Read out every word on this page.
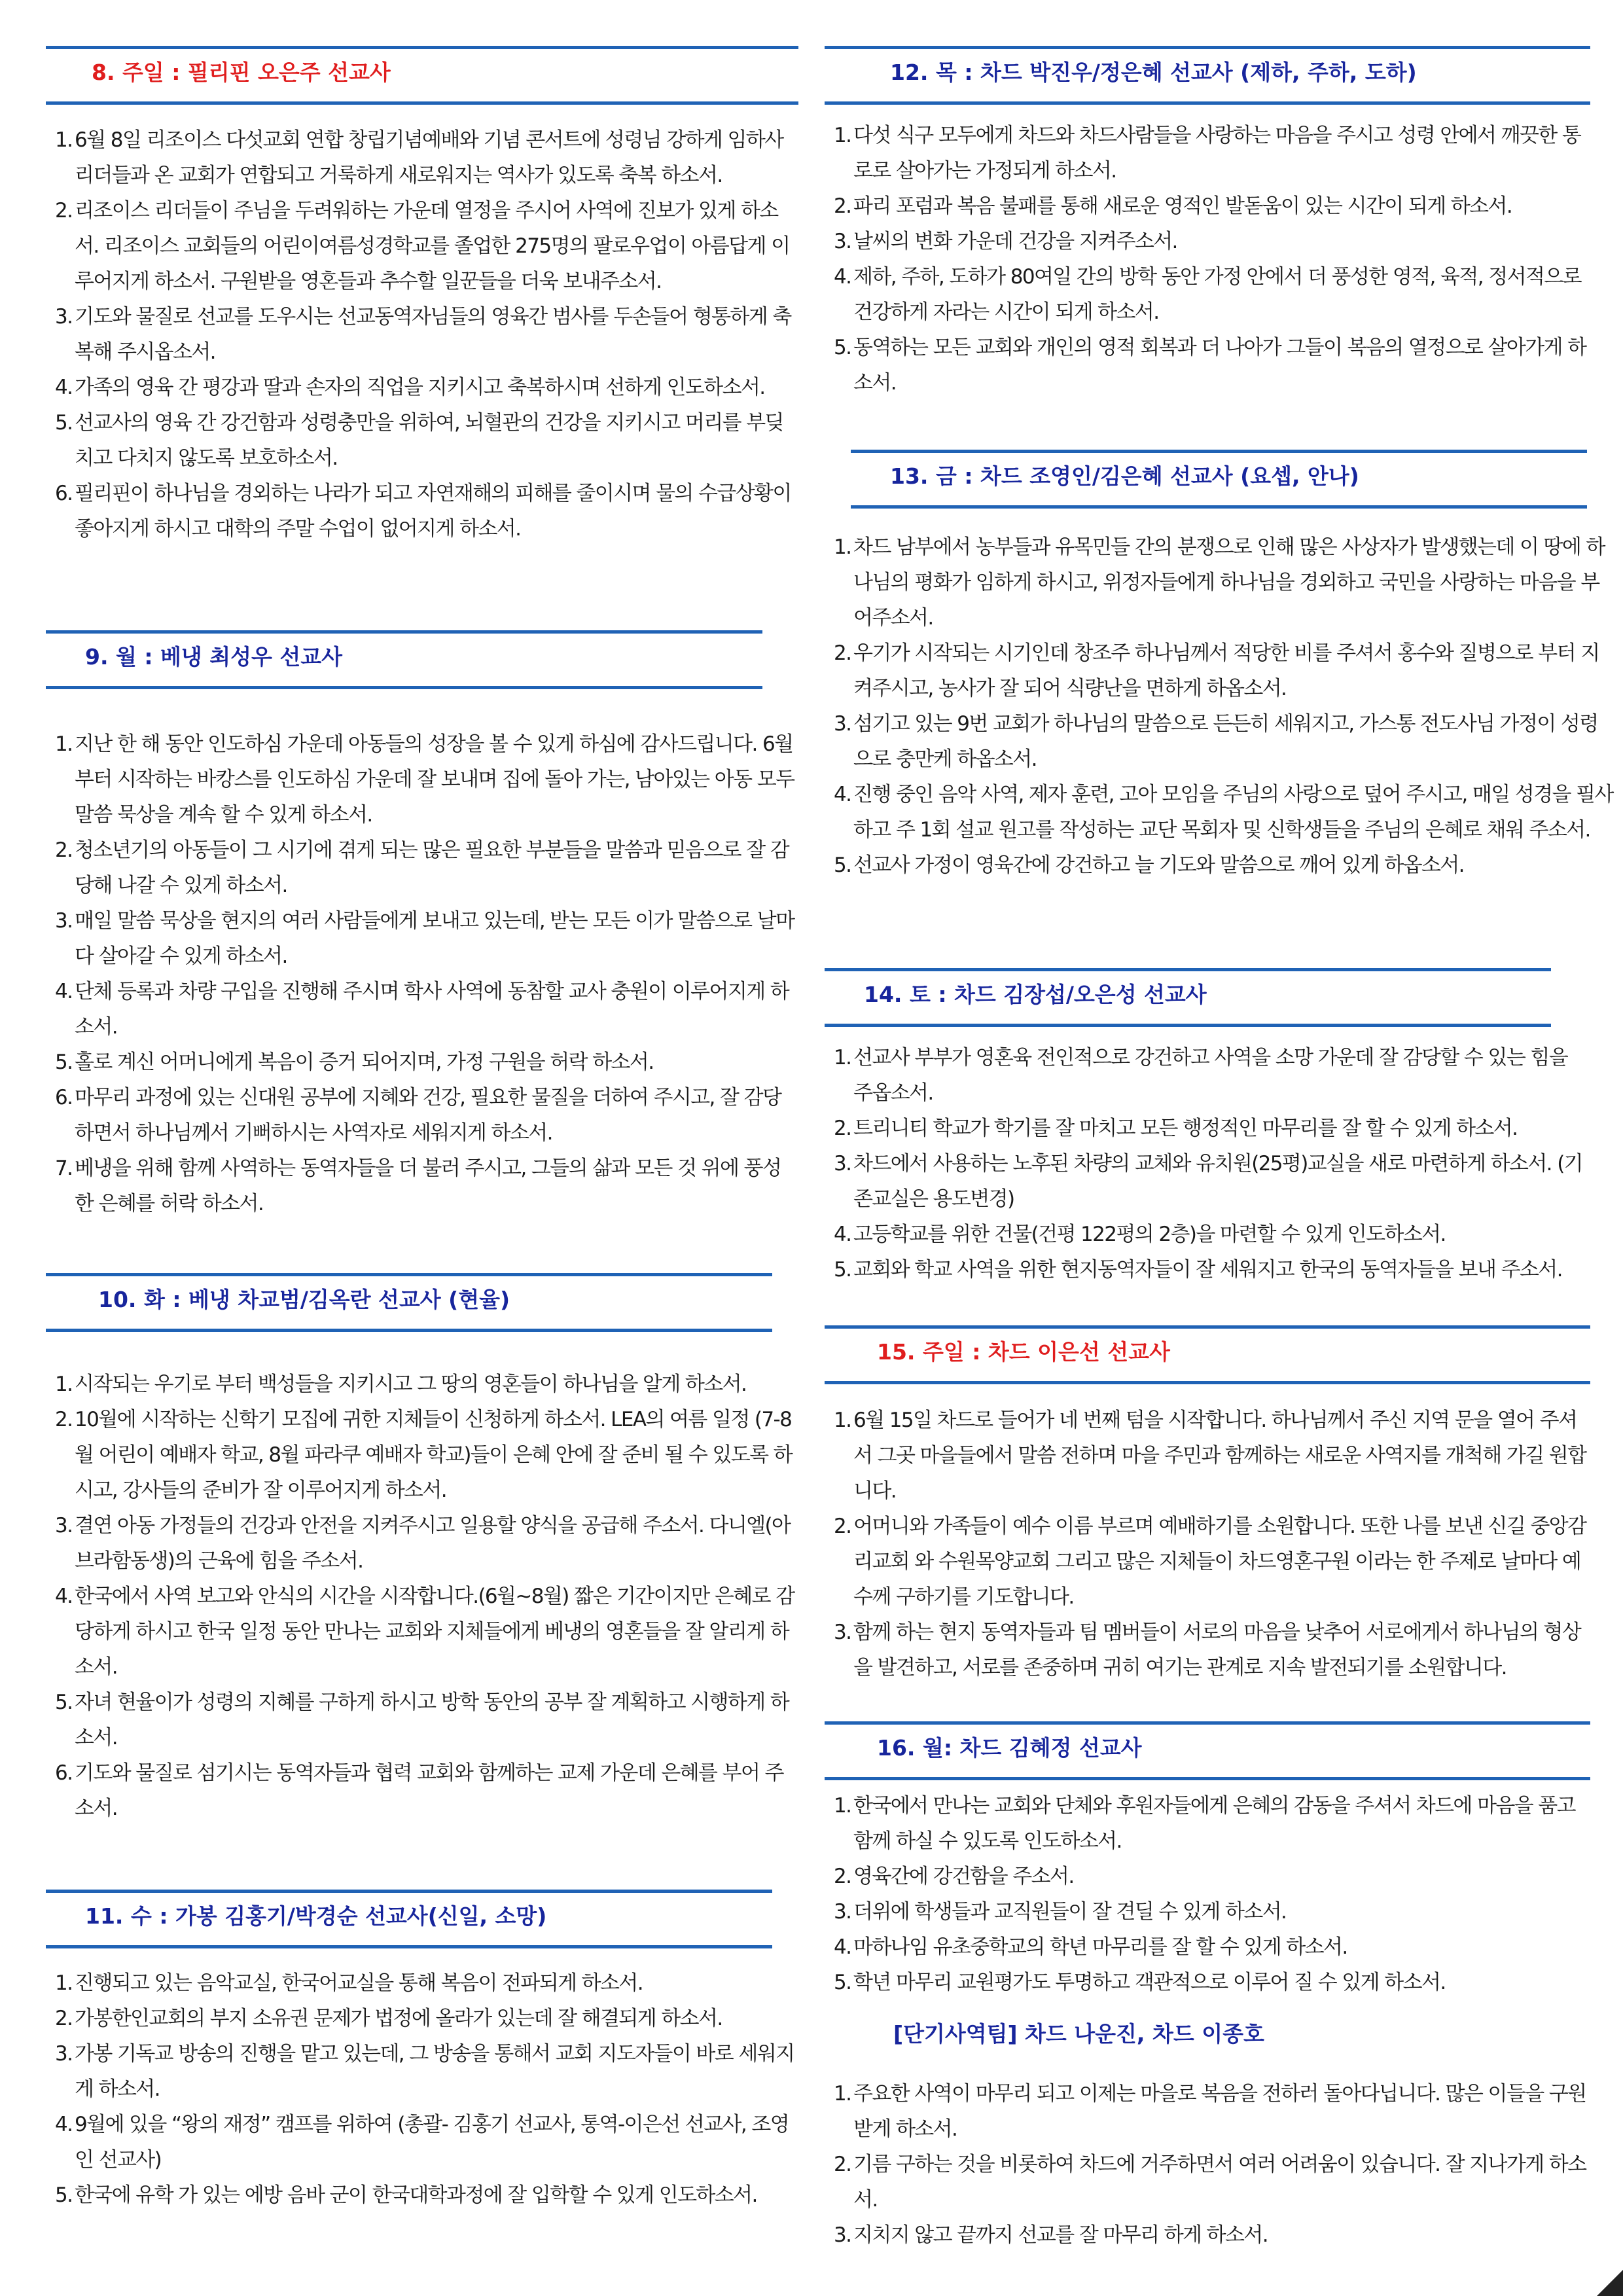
8. 주일 : 필리핀 오은주 선교사
1. 6월 8일 리조이스 다섯교회 연합 창립기념예배와 기념 콘서트에 성령님 강하게 임하사 리더들과 온 교회가 연합되고 거룩하게 새로워지는 역사가 있도록 축복 하소서.
2. 리조이스 리더들이 주님을 두려워하는 가운데 열정을 주시어 사역에 진보가 있게 하소서. 리조이스 교회들의 어린이여름성경학교를 졸업한 275명의 팔로우업이 아름답게 이루어지게 하소서. 구원받을 영혼들과 추수할 일꾼들을 더욱 보내주소서.
3. 기도와 물질로 선교를 도우시는 선교동역자님들의 영육간 범사를 두손들어 형통하게 축복해 주시옵소서.
4. 가족의 영육 간 평강과 딸과 손자의 직업을 지키시고 축복하시며 선하게 인도하소서.
5. 선교사의 영육 간 강건함과 성령충만을 위하여, 뇌혈관의 건강을 지키시고 머리를 부딪치고 다치지 않도록 보호하소서.
6. 필리핀이 하나님을 경외하는 나라가 되고 자연재해의 피해를 줄이시며 물의 수급상황이 좋아지게 하시고 대학의 주말 수업이 없어지게 하소서.
9. 월 : 베냉 최성우 선교사
1. 지난 한 해 동안 인도하심 가운데 아동들의 성장을 볼 수 있게 하심에 감사드립니다. 6월부터 시작하는 바캉스를 인도하심 가운데 잘 보내며 집에 돌아 가는, 남아있는 아동 모두 말씀 묵상을 계속 할 수 있게 하소서.
2. 청소년기의 아동들이 그 시기에 겪게 되는 많은 필요한 부분들을 말씀과 믿음으로 잘 감당해 나갈 수 있게 하소서.
3. 매일 말씀 묵상을 현지의 여러 사람들에게 보내고 있는데, 받는 모든 이가 말씀으로 날마다 살아갈 수 있게 하소서.
4. 단체 등록과 차량 구입을 진행해 주시며 학사 사역에 동참할 교사 충원이 이루어지게 하소서.
5. 홀로 계신 어머니에게 복음이 증거 되어지며, 가정 구원을 허락 하소서.
6. 마무리 과정에 있는 신대원 공부에 지혜와 건강, 필요한 물질을 더하여 주시고, 잘 감당하면서 하나님께서 기뻐하시는 사역자로 세워지게 하소서.
7. 베냉을 위해 함께 사역하는 동역자들을 더 불러 주시고, 그들의 삶과 모든 것 위에 풍성한 은혜를 허락 하소서.
10. 화 : 베냉 차교범/김옥란 선교사 (현율)
1. 시작되는 우기로 부터 백성들을 지키시고 그 땅의 영혼들이 하나님을 알게 하소서.
2. 10월에 시작하는 신학기 모집에 귀한 지체들이 신청하게 하소서. LEA의 여름 일정 (7-8월 어린이 예배자 학교, 8월 파라쿠 예배자 학교)들이 은혜 안에 잘 준비 될 수 있도록 하시고, 강사들의 준비가 잘 이루어지게 하소서.
3. 결연 아동 가정들의 건강과 안전을 지켜주시고 일용할 양식을 공급해 주소서. 다니엘(아브라함동생)의 근육에 힘을 주소서.
4. 한국에서 사역 보고와 안식의 시간을 시작합니다.(6월~8월) 짧은 기간이지만 은혜로 감당하게 하시고 한국 일정 동안 만나는 교회와 지체들에게 베냉의 영혼들을 잘 알리게 하소서.
5. 자녀 현율이가 성령의 지혜를 구하게 하시고 방학 동안의 공부 잘 계획하고 시행하게 하소서.
6. 기도와 물질로 섬기시는 동역자들과 협력 교회와 함께하는 교제 가운데 은혜를 부어 주소서.
11. 수 : 가봉 김홍기/박경순 선교사(신일, 소망)
1. 진행되고 있는 음악교실, 한국어교실을 통해 복음이 전파되게 하소서.
2. 가봉한인교회의 부지 소유권 문제가 법정에 올라가 있는데 잘 해결되게 하소서.
3. 가봉 기독교 방송의 진행을 맡고 있는데, 그 방송을 통해서 교회 지도자들이 바로 세워지게 하소서.
4. 9월에 있을 “왕의 재정” 캠프를 위하여 (총괄- 김홍기 선교사, 통역-이은선 선교사, 조영인 선교사)
5. 한국에 유학 가 있는 에방 음바 군이 한국대학과정에 잘 입학할 수 있게 인도하소서.
12. 목 : 차드 박진우/정은혜 선교사 (제하, 주하, 도하)
1. 다섯 식구 모두에게 차드와 차드사람들을 사랑하는 마음을 주시고 성령 안에서 깨끗한 통로로 살아가는 가정되게 하소서.
2. 파리 포럼과 복음 불패를 통해 새로운 영적인 발돋움이 있는 시간이 되게 하소서.
3. 날씨의 변화 가운데 건강을 지켜주소서.
4. 제하, 주하, 도하가 80여일 간의 방학 동안 가정 안에서 더 풍성한 영적, 육적, 정서적으로 건강하게 자라는 시간이 되게 하소서.
5. 동역하는 모든 교회와 개인의 영적 회복과 더 나아가 그들이 복음의 열정으로 살아가게 하소서.
13. 금 : 차드 조영인/김은혜 선교사 (요셉, 안나)
1. 차드 남부에서 농부들과 유목민들 간의 분쟁으로 인해 많은 사상자가 발생했는데 이 땅에 하나님의 평화가 임하게 하시고, 위정자들에게 하나님을 경외하고 국민을 사랑하는 마음을 부어주소서.
2. 우기가 시작되는 시기인데 창조주 하나님께서 적당한 비를 주셔서 홍수와 질병으로 부터 지켜주시고, 농사가 잘 되어 식량난을 면하게 하옵소서.
3. 섬기고 있는 9번 교회가 하나님의 말씀으로 든든히 세워지고, 가스통 전도사님 가정이 성령으로 충만케 하옵소서.
4. 진행 중인 음악 사역, 제자 훈련, 고아 모임을 주님의 사랑으로 덮어 주시고, 매일 성경을 필사하고 주 1회 설교 원고를 작성하는 교단 목회자 및 신학생들을 주님의 은혜로 채워 주소서.
5. 선교사 가정이 영육간에 강건하고 늘 기도와 말씀으로 깨어 있게 하옵소서.
14. 토 : 차드 김장섭/오은성 선교사
1. 선교사 부부가 영혼육 전인적으로 강건하고 사역을 소망 가운데 잘 감당할 수 있는 힘을 주옵소서.
2. 트리니티 학교가 학기를 잘 마치고 모든 행정적인 마무리를 잘 할 수 있게 하소서.
3. 차드에서 사용하는 노후된 차량의 교체와 유치원(25평)교실을 새로 마련하게 하소서. (기존교실은 용도변경)
4. 고등학교를 위한 건물(건평 122평의 2층)을 마련할 수 있게 인도하소서.
5. 교회와 학교 사역을 위한 현지동역자들이 잘 세워지고 한국의 동역자들을 보내 주소서.
15. 주일 : 차드 이은선 선교사
1. 6월 15일 차드로 들어가 네 번째 텀을 시작합니다. 하나님께서 주신 지역 문을 열어 주셔서 그곳 마을들에서 말씀 전하며 마을 주민과 함께하는 새로운 사역지를 개척해 가길 원합니다.
2. 어머니와 가족들이 예수 이름 부르며 예배하기를 소원합니다. 또한 나를 보낸 신길 중앙감리교회 와 수원목양교회 그리고 많은 지체들이 차드영혼구원 이라는 한 주제로 날마다 예수께 구하기를 기도합니다.
3. 함께 하는 현지 동역자들과 팀 멤버들이 서로의 마음을 낮추어 서로에게서 하나님의 형상을 발견하고, 서로를 존중하며 귀히 여기는 관계로 지속 발전되기를 소원합니다.
16. 월: 차드 김혜정 선교사
1. 한국에서 만나는 교회와 단체와 후원자들에게 은혜의 감동을 주셔서 차드에 마음을 품고 함께 하실 수 있도록 인도하소서.
2. 영육간에 강건함을 주소서.
3. 더위에 학생들과 교직원들이 잘 견딜 수 있게 하소서.
4. 마하나임 유초중학교의 학년 마무리를 잘 할 수 있게 하소서.
5. 학년 마무리 교원평가도 투명하고 객관적으로 이루어 질 수 있게 하소서.
[단기사역팀] 차드 나운진, 차드 이종호
1. 주요한 사역이 마무리 되고 이제는 마을로 복음을 전하러 돌아다닙니다. 많은 이들을 구원 받게 하소서.
2. 기름 구하는 것을 비롯하여 차드에 거주하면서 여러 어려움이 있습니다. 잘 지나가게 하소서.
3. 지치지 않고 끝까지 선교를 잘 마무리 하게 하소서.
